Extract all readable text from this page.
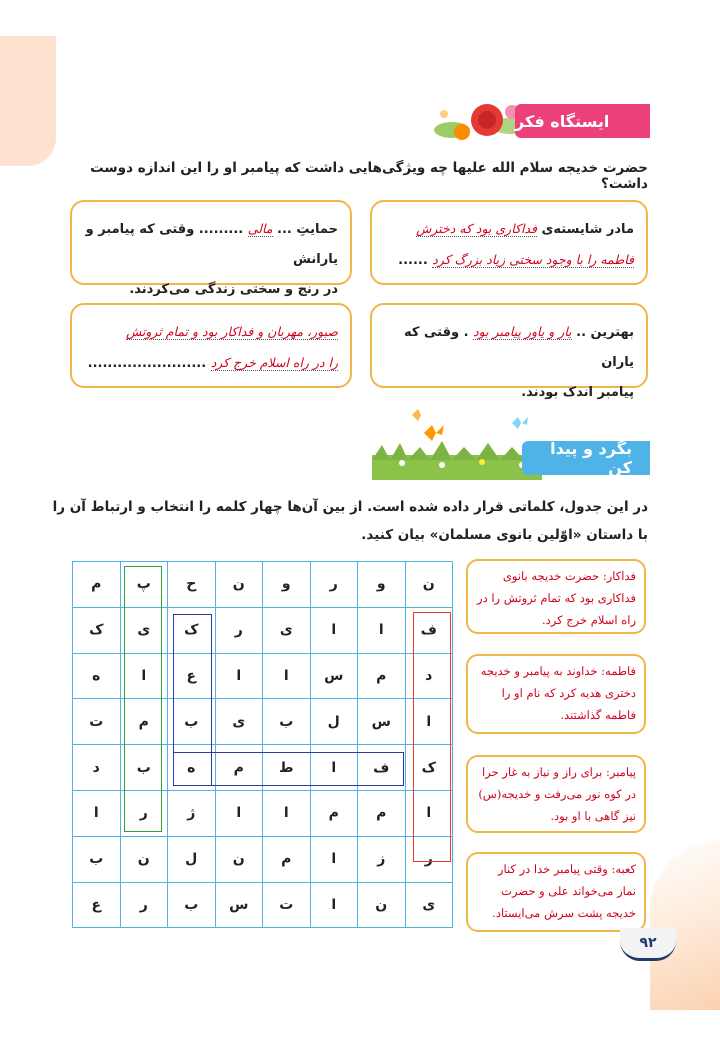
ایستگاه فکر
حضرت خدیجه سلام الله علیها چه ویژگی‌هایی داشت که پیامبر او را این اندازه دوست داشت؟
مادر شایسته‌ی فداکاری بود که دخترش
فاطمه را با وجود سختی زیاد بزرگ کرد ......
حمایتِ ... مالی ......... وقتی که پیامبر و یارانش
در رنج و سختی زندگی می‌کردند.
بهترین .. یار و یاور پیامبر بود . وقتی که یاران
پیامبر اندک بودند.
صبور، مهربان و فداکار بود و تمام ثروتش
را در راه اسلام خرج کرد ........................
بگرد و پیدا کن
در این جدول، کلماتی قرار داده شده است. از بین آن‌ها چهار کلمه را انتخاب و ارتباط آن را با داستان «اوّلین بانوی مسلمان» بیان کنید.
م	پ	ح	ن	و	ر	و	ن
ک	ی	ک	ر	ی	ا	ا	ف
ه	ا	ع	ا	ا	س	م	د
ت	م	ب	ی	ب	ل	س	ا
د	ب	ه	م	ط	ا	ف	ک
ا	ر	ژ	ا	ا	م	م	ا
ب	ن	ل	ن	م	ا	ز	ر
ع	ر	ب	س	ت	ا	ن	ی
فداکار: حضرت خدیجه بانوی فداکاری بود که تمام ثروتش را در راه اسلام خرج کرد.
فاطمه: خداوند به پیامبر و خدیجه دختری هدیه کرد که نام او را فاطمه گذاشتند.
پیامبر: برای راز و نیاز به غار حرا در کوه نور می‌رفت و خدیجه(س) نیز گاهی با او بود.
کعبه: وقتی پیامبر خدا در کنار نماز می‌خواند علی و حضرت خدیجه پشت سرش می‌ایستاد.
۹۲
